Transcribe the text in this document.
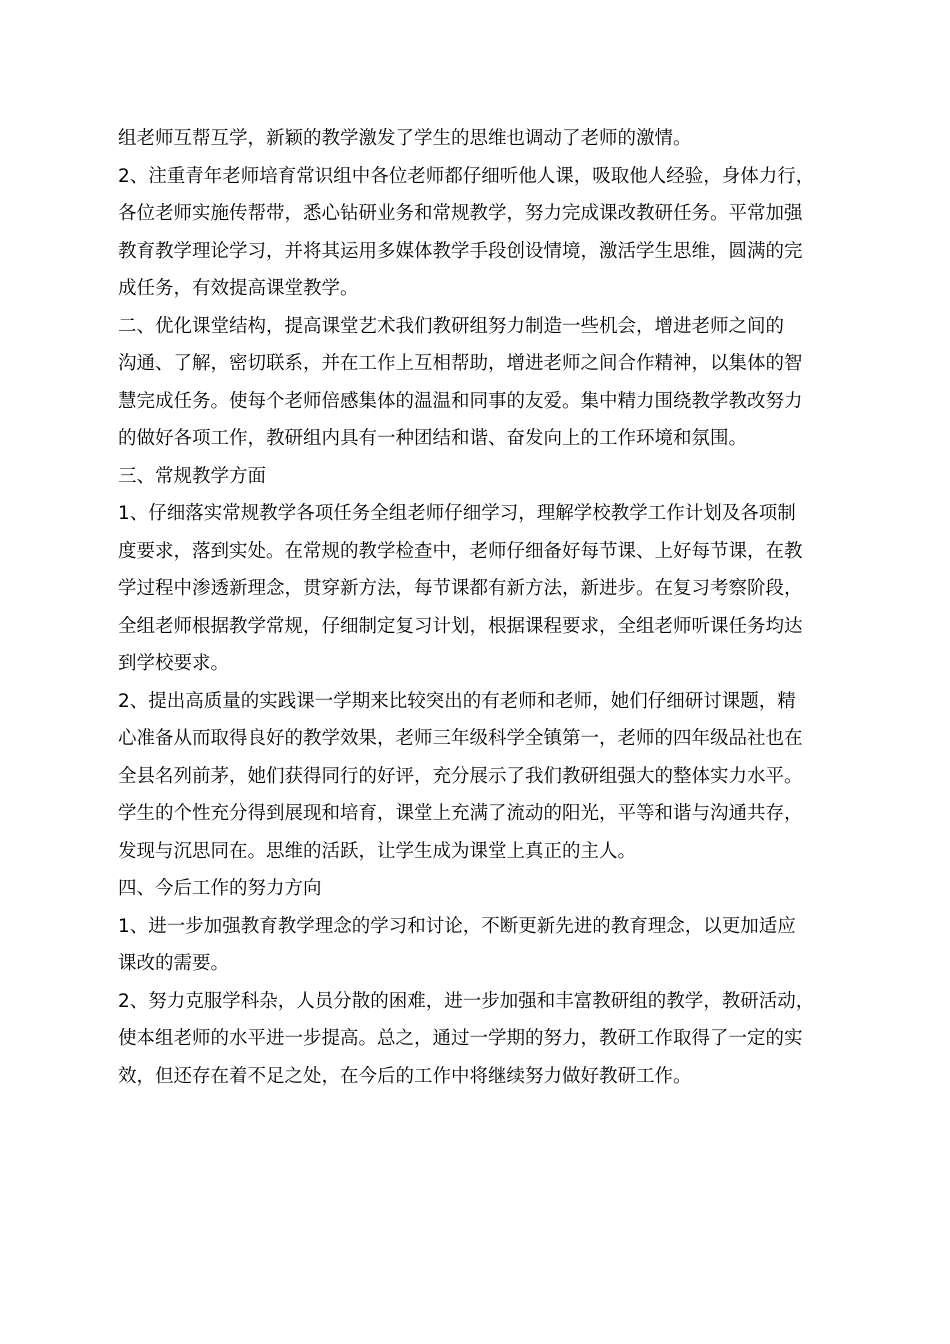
组老师互帮互学，新颖的教学激发了学生的思维也调动了老师的激情。
2、注重青年老师培育常识组中各位老师都仔细听他人课，吸取他人经验，身体力行，
各位老师实施传帮带，悉心钻研业务和常规教学，努力完成课改教研任务。平常加强
教育教学理论学习，并将其运用多媒体教学手段创设情境，激活学生思维，圆满的完
成任务，有效提高课堂教学。
二、优化课堂结构，提高课堂艺术我们教研组努力制造一些机会，增进老师之间的
沟通、了解，密切联系，并在工作上互相帮助，增进老师之间合作精神，以集体的智
慧完成任务。使每个老师倍感集体的温温和同事的友爱。集中精力围绕教学教改努力
的做好各项工作，教研组内具有一种团结和谐、奋发向上的工作环境和氛围。
三、常规教学方面
1、仔细落实常规教学各项任务全组老师仔细学习，理解学校教学工作计划及各项制
度要求，落到实处。在常规的教学检查中，老师仔细备好每节课、上好每节课，在教
学过程中渗透新理念，贯穿新方法，每节课都有新方法，新进步。在复习考察阶段，
全组老师根据教学常规，仔细制定复习计划，根据课程要求，全组老师听课任务均达
到学校要求。
2、提出高质量的实践课一学期来比较突出的有老师和老师，她们仔细研讨课题，精
心准备从而取得良好的教学效果，老师三年级科学全镇第一，老师的四年级品社也在
全县名列前茅，她们获得同行的好评，充分展示了我们教研组强大的整体实力水平。
学生的个性充分得到展现和培育，课堂上充满了流动的阳光，平等和谐与沟通共存，
发现与沉思同在。思维的活跃，让学生成为课堂上真正的主人。
四、今后工作的努力方向
1、进一步加强教育教学理念的学习和讨论，不断更新先进的教育理念，以更加适应
课改的需要。
2、努力克服学科杂，人员分散的困难，进一步加强和丰富教研组的教学，教研活动，
使本组老师的水平进一步提高。总之，通过一学期的努力，教研工作取得了一定的实
效，但还存在着不足之处，在今后的工作中将继续努力做好教研工作。
